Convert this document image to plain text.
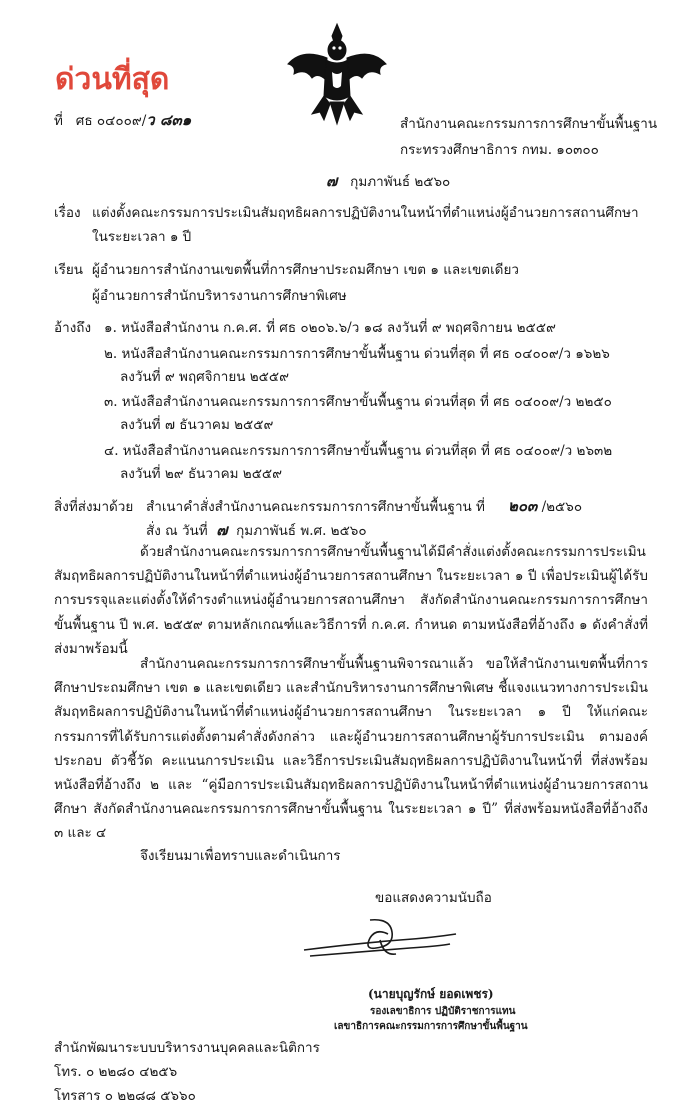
ด่วนที่สุด
ที่ ศธ ๐๔๐๐๙/ว ๘๓๑	สำนักงานคณะกรรมการการศึกษาขั้นพื้นฐาน
กระทรวงศึกษาธิการ กทม. ๑๐๓๐๐
๗ กุมภาพันธ์ ๒๕๖๐
เรื่อง แต่งตั้งคณะกรรมการประเมินสัมฤทธิผลการปฏิบัติงานในหน้าที่ตำแหน่งผู้อำนวยการสถานศึกษา
ในระยะเวลา ๑ ปี
เรียน ผู้อำนวยการสำนักงานเขตพื้นที่การศึกษาประถมศึกษา เขต ๑ และเขตเดียว
ผู้อำนวยการสำนักบริหารงานการศึกษาพิเศษ
อ้างถึง ๑. หนังสือสำนักงาน ก.ค.ศ. ที่ ศธ ๐๒๐๖.๖/ว ๑๘ ลงวันที่ ๙ พฤศจิกายน ๒๕๕๙
๒. หนังสือสำนักงานคณะกรรมการการศึกษาขั้นพื้นฐาน ด่วนที่สุด ที่ ศธ ๐๔๐๐๙/ว ๑๖๒๖
ลงวันที่ ๙ พฤศจิกายน ๒๕๕๙
๓. หนังสือสำนักงานคณะกรรมการการศึกษาขั้นพื้นฐาน ด่วนที่สุด ที่ ศธ ๐๔๐๐๙/ว ๒๒๕๐
ลงวันที่ ๗ ธันวาคม ๒๕๕๙
๔. หนังสือสำนักงานคณะกรรมการการศึกษาขั้นพื้นฐาน ด่วนที่สุด ที่ ศธ ๐๔๐๐๙/ว ๒๖๓๒
ลงวันที่ ๒๙ ธันวาคม ๒๕๕๙
สิ่งที่ส่งมาด้วย สำเนาคำสั่งสำนักงานคณะกรรมการการศึกษาขั้นพื้นฐาน ที่ ๒๐๓ /๒๕๖๐
สั่ง ณ วันที่ ๗ กุมภาพันธ์ พ.ศ. ๒๕๖๐
ด้วยสำนักงานคณะกรรมการการศึกษาขั้นพื้นฐานได้มีคำสั่งแต่งตั้งคณะกรรมการประเมินสัมฤทธิผลการปฏิบัติงานในหน้าที่ตำแหน่งผู้อำนวยการสถานศึกษา ในระยะเวลา ๑ ปี เพื่อประเมินผู้ได้รับการบรรจุและแต่งตั้งให้ดำรงตำแหน่งผู้อำนวยการสถานศึกษา สังกัดสำนักงานคณะกรรมการการศึกษาขั้นพื้นฐาน ปี พ.ศ. ๒๕๕๙ ตามหลักเกณฑ์และวิธีการที่ ก.ค.ศ. กำหนด ตามหนังสือที่อ้างถึง ๑ ดังคำสั่งที่ส่งมาพร้อมนี้
สำนักงานคณะกรรมการการศึกษาขั้นพื้นฐานพิจารณาแล้ว ขอให้สำนักงานเขตพื้นที่การศึกษาประถมศึกษา เขต ๑ และเขตเดียว และสำนักบริหารงานการศึกษาพิเศษ ชี้แจงแนวทางการประเมินสัมฤทธิผลการปฏิบัติงานในหน้าที่ตำแหน่งผู้อำนวยการสถานศึกษา ในระยะเวลา ๑ ปี ให้แก่คณะกรรมการที่ได้รับการแต่งตั้งตามคำสั่งดังกล่าว และผู้อำนวยการสถานศึกษาผู้รับการประเมิน ตามองค์ประกอบ ตัวชี้วัด คะแนนการประเมิน และวิธีการประเมินสัมฤทธิผลการปฏิบัติงานในหน้าที่ ที่ส่งพร้อมหนังสือที่อ้างถึง ๒ และ “คู่มือการประเมินสัมฤทธิผลการปฏิบัติงานในหน้าที่ตำแหน่งผู้อำนวยการสถานศึกษา สังกัดสำนักงานคณะกรรมการการศึกษาขั้นพื้นฐาน ในระยะเวลา ๑ ปี” ที่ส่งพร้อมหนังสือที่อ้างถึง ๓ และ ๔
จึงเรียนมาเพื่อทราบและดำเนินการ
ขอแสดงความนับถือ
(นายบุญรักษ์ ยอดเพชร)
รองเลขาธิการ ปฏิบัติราชการแทน
เลขาธิการคณะกรรมการการศึกษาขั้นพื้นฐาน
สำนักพัฒนาระบบบริหารงานบุคคลและนิติการ
โทร. ๐ ๒๒๘๐ ๔๒๕๖
โทรสาร ๐ ๒๒๘๘ ๕๖๖๐
